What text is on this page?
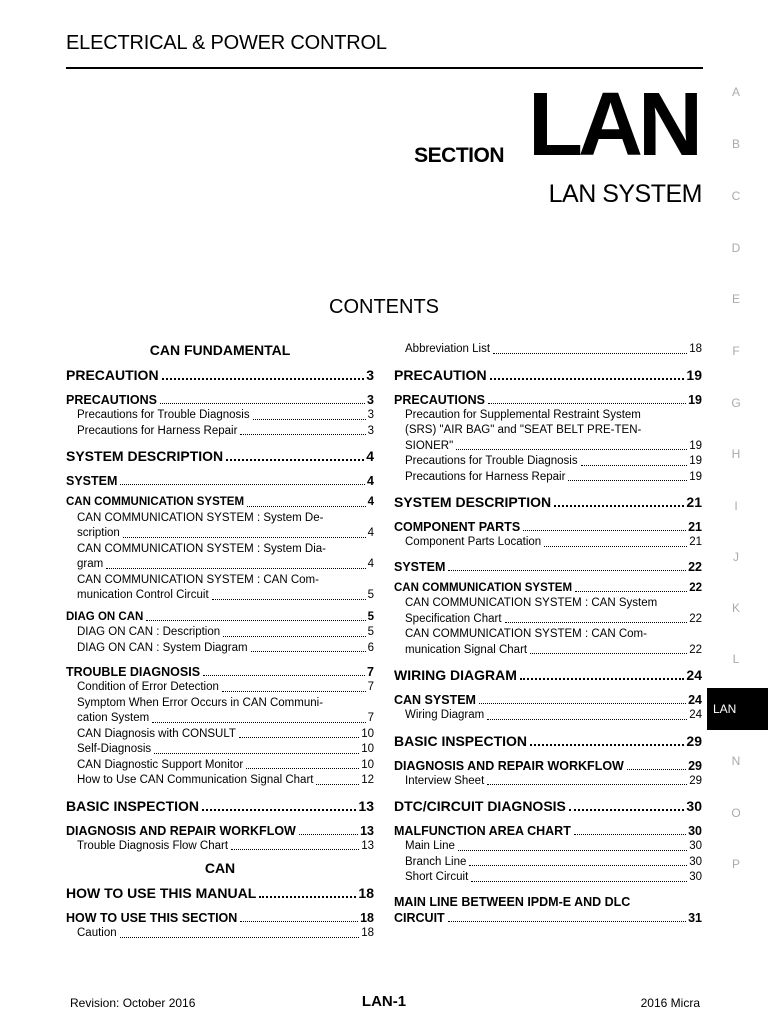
ELECTRICAL & POWER CONTROL
SECTION LAN
LAN SYSTEM
CONTENTS
CAN FUNDAMENTAL
PRECAUTION	3
PRECAUTIONS	3
Precautions for Trouble Diagnosis	3
Precautions for Harness Repair	3
SYSTEM DESCRIPTION	4
SYSTEM	4
CAN COMMUNICATION SYSTEM	4
CAN COMMUNICATION SYSTEM : System De-
scription	4
CAN COMMUNICATION SYSTEM : System Dia-
gram	4
CAN COMMUNICATION SYSTEM : CAN Com-
munication Control Circuit	5
DIAG ON CAN	5
DIAG ON CAN : Description	5
DIAG ON CAN : System Diagram	6
TROUBLE DIAGNOSIS	7
Condition of Error Detection	7
Symptom When Error Occurs in CAN Communi-
cation System	7
CAN Diagnosis with CONSULT	10
Self-Diagnosis	10
CAN Diagnostic Support Monitor	10
How to Use CAN Communication Signal Chart	12
BASIC INSPECTION	13
DIAGNOSIS AND REPAIR WORKFLOW	13
Trouble Diagnosis Flow Chart	13
CAN
HOW TO USE THIS MANUAL	18
HOW TO USE THIS SECTION	18
Caution	18
Abbreviation List	18
PRECAUTION	19
PRECAUTIONS	19
Precaution for Supplemental Restraint System
(SRS) "AIR BAG" and "SEAT BELT PRE-TEN-
SIONER"	19
Precautions for Trouble Diagnosis	19
Precautions for Harness Repair	19
SYSTEM DESCRIPTION	21
COMPONENT PARTS	21
Component Parts Location	21
SYSTEM	22
CAN COMMUNICATION SYSTEM	22
CAN COMMUNICATION SYSTEM : CAN System
Specification Chart	22
CAN COMMUNICATION SYSTEM : CAN Com-
munication Signal Chart	22
WIRING DIAGRAM	24
CAN SYSTEM	24
Wiring Diagram	24
BASIC INSPECTION	29
DIAGNOSIS AND REPAIR WORKFLOW	29
Interview Sheet	29
DTC/CIRCUIT DIAGNOSIS	30
MALFUNCTION AREA CHART	30
Main Line	30
Branch Line	30
Short Circuit	30
MAIN LINE BETWEEN IPDM-E AND DLC
CIRCUIT	31
A
B
C
D
E
F
G
H
I
J
K
L
LAN
N
O
P
Revision: October 2016	LAN-1	2016 Micra
